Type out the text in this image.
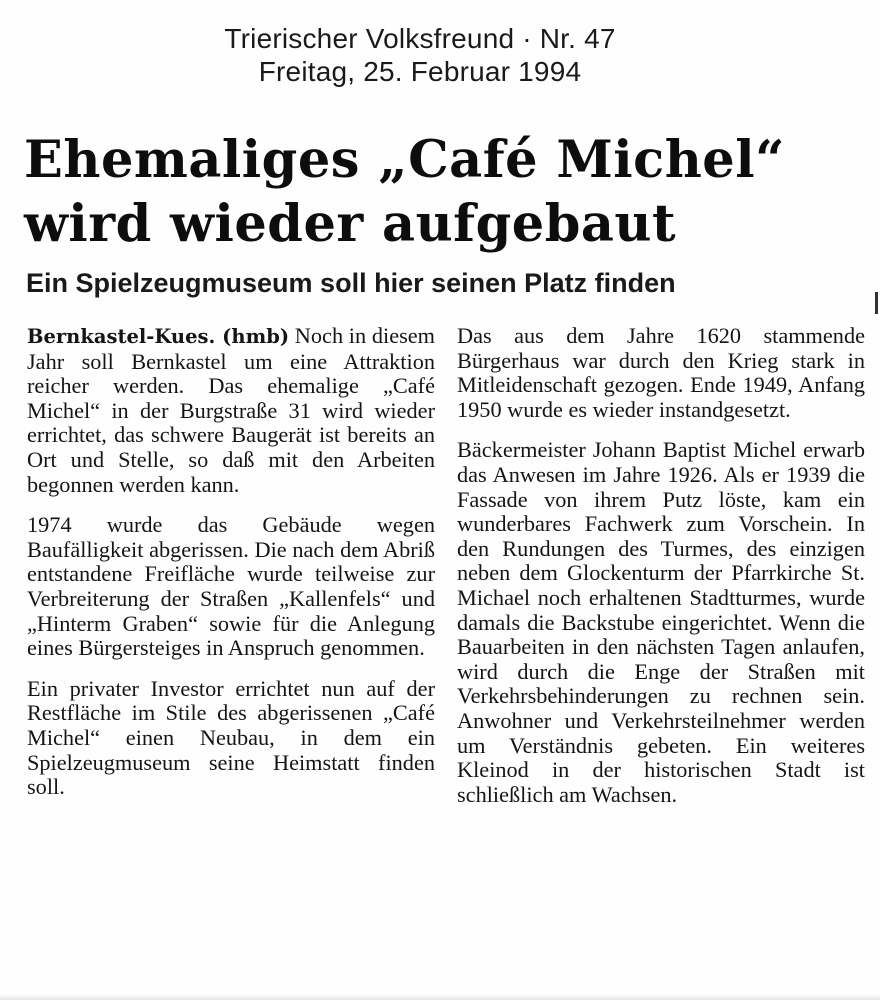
Trierischer Volksfreund · Nr. 47
Freitag, 25. Februar 1994
Ehemaliges „Café Michel“
wird wieder aufgebaut
Ein Spielzeugmuseum soll hier seinen Platz finden

Bernkastel-Kues. (hmb) Noch in diesem Jahr soll Bernkastel um eine Attraktion reicher werden. Das ehemalige „Café Michel“ in der Burgstraße 31 wird wieder errichtet, das schwere Baugerät ist bereits an Ort und Stelle, so daß mit den Arbeiten begonnen werden kann.

1974 wurde das Gebäude wegen Baufälligkeit abgerissen. Die nach dem Abriß entstandene Freifläche wurde teilweise zur Verbreiterung der Straßen „Kallenfels“ und „Hinterm Graben“ sowie für die Anlegung eines Bürgersteiges in Anspruch genommen.

Ein privater Investor errichtet nun auf der Restfläche im Stile des abgerissenen „Café Michel“ einen Neubau, in dem ein Spielzeugmuseum seine Heimstatt finden soll.

Das aus dem Jahre 1620 stammende Bürgerhaus war durch den Krieg stark in Mitleidenschaft gezogen. Ende 1949, Anfang 1950 wurde es wieder instandgesetzt.

Bäckermeister Johann Baptist Michel erwarb das Anwesen im Jahre 1926. Als er 1939 die Fassade von ihrem Putz löste, kam ein wunderbares Fachwerk zum Vorschein. In den Rundungen des Turmes, des einzigen neben dem Glockenturm der Pfarrkirche St. Michael noch erhaltenen Stadtturmes, wurde damals die Backstube eingerichtet. Wenn die Bauarbeiten in den nächsten Tagen anlaufen, wird durch die Enge der Straßen mit Verkehrsbehinderungen zu rechnen sein. Anwohner und Verkehrsteilnehmer werden um Verständnis gebeten. Ein weiteres Kleinod in der historischen Stadt ist schließlich am Wachsen.
